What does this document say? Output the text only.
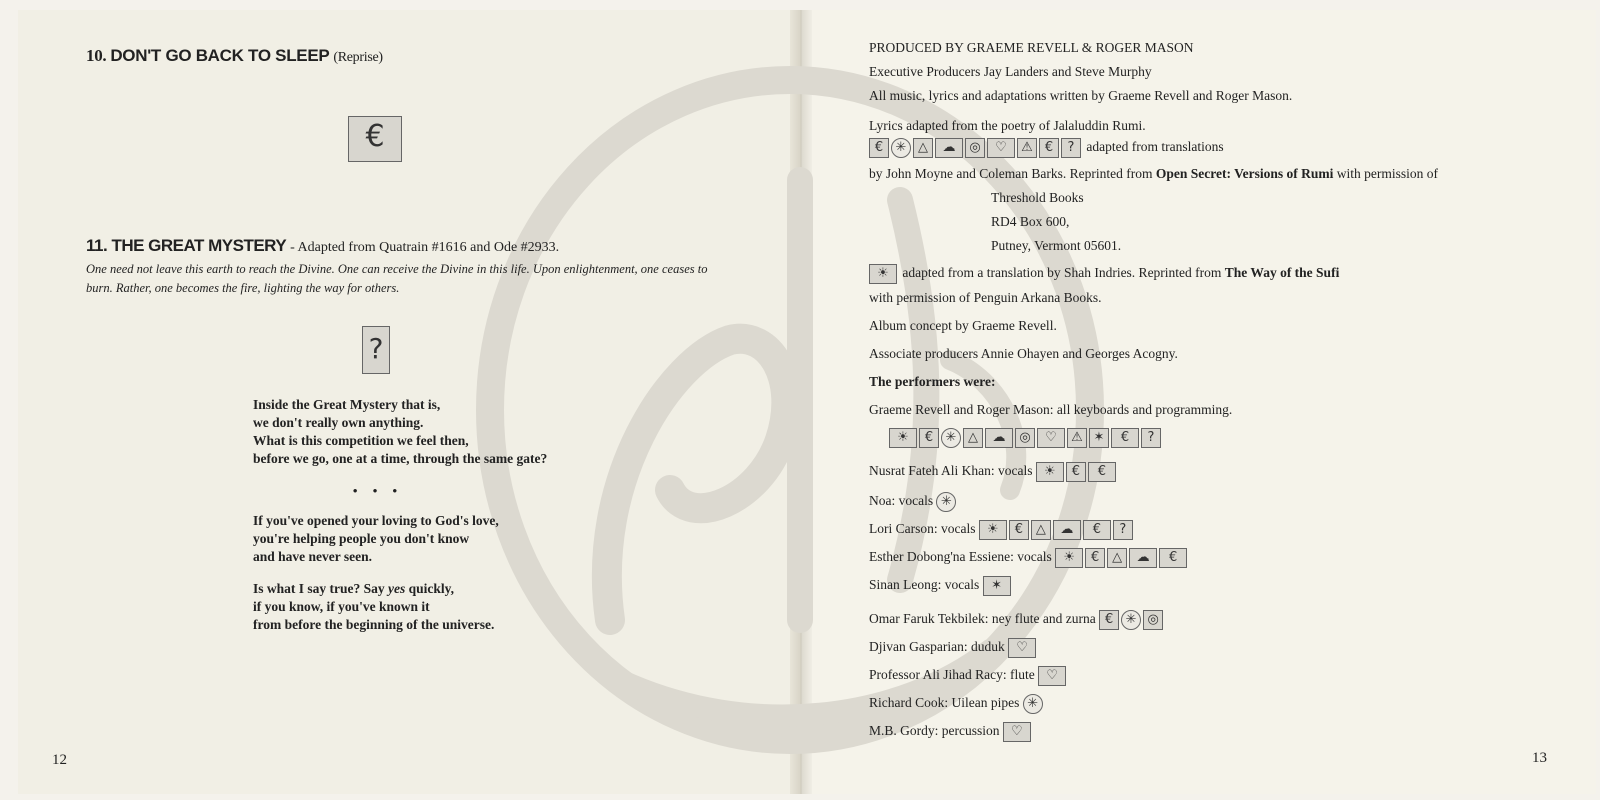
10. DON'T GO BACK TO SLEEP (Reprise)
€
11. THE GREAT MYSTERY - Adapted from Quatrain #1616 and Ode #2933.
One need not leave this earth to reach the Divine. One can receive the Divine in this life. Upon enlightenment, one ceases to burn. Rather, one becomes the fire, lighting the way for others.
?

Inside the Great Mystery that is,
we don't really own anything.
What is this competition we feel then,
before we go, one at a time, through the same gate?

• • •

If you've opened your loving to God's love,
you're helping people you don't know
and have never seen.

Is what I say true? Say yes quickly,
if you know, if you've known it
from before the beginning of the universe.

12
PRODUCED BY GRAEME REVELL & ROGER MASON
Executive Producers Jay Landers and Steve Murphy
All music, lyrics and adaptations written by Graeme Revell and Roger Mason.
Lyrics adapted from the poetry of Jalaluddin Rumi.
€ ✳ △ ☁ ◎ ♡ ⚠ € ? adapted from translations
by John Moyne and Coleman Barks. Reprinted from Open Secret: Versions of Rumi with permission of
Threshold Books
RD4 Box 600,
Putney, Vermont 05601.
☀ adapted from a translation by Shah Indries. Reprinted from The Way of the Sufi
with permission of Penguin Arkana Books.
Album concept by Graeme Revell.
Associate producers Annie Ohayen and Georges Acogny.
The performers were:
Graeme Revell and Roger Mason: all keyboards and programming.
☀ € ✳ △ ☁ ◎ ♡ ⚠ ✶ € ?
Nusrat Fateh Ali Khan: vocals ☀ € €
Noa: vocals ✳
Lori Carson: vocals ☀ € △ ☁ € ?
Esther Dobong'na Essiene: vocals ☀ € △ ☁ €
Sinan Leong: vocals ✶
Omar Faruk Tekbilek: ney flute and zurna € ✳ ◎
Djivan Gasparian: duduk ♡
Professor Ali Jihad Racy: flute ♡
Richard Cook: Uilean pipes ✳
M.B. Gordy: percussion ♡
13
